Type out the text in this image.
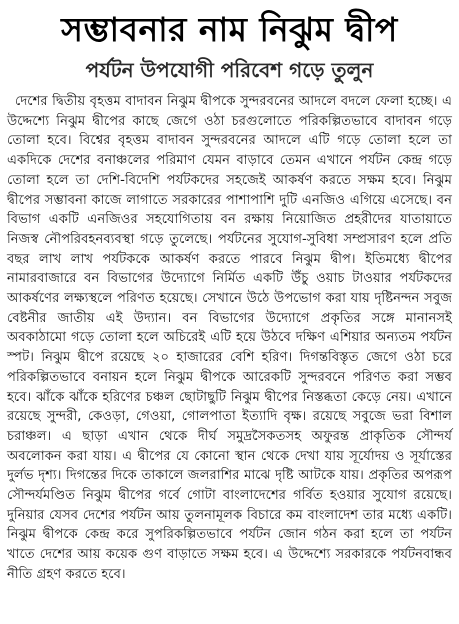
সম্ভাবনার নাম নিঝুম দ্বীপ
পর্যটন উপযোগী পরিবেশ গড়ে তুলুন

দেশের দ্বিতীয় বৃহত্তম বাদাবন নিঝুম দ্বীপকে সুন্দরবনের আদলে বদলে ফেলা হচ্ছে। এ উদ্দেশ্যে নিঝুম দ্বীপের কাছে জেগে ওঠা চরগুলোতে পরিকল্পিতভাবে বাদাবন গড়ে তোলা হবে। বিশ্বের বৃহত্তম বাদাবন সুন্দরবনের আদলে এটি গড়ে তোলা হলে তা একদিকে দেশের বনাঞ্চলের পরিমাণ যেমন বাড়াবে তেমন এখানে পর্যটন কেন্দ্র গড়ে তোলা হলে তা দেশি-বিদেশি পর্যটকদের সহজেই আকর্ষণ করতে সক্ষম হবে। নিঝুম দ্বীপের সম্ভাবনা কাজে লাগাতে সরকারের পাশাপাশি দুটি এনজিও এগিয়ে এসেছে। বন বিভাগ একটি এনজিওর সহযোগিতায় বন রক্ষায় নিয়োজিত প্রহরীদের যাতায়াতে নিজস্ব নৌপরিবহনব্যবস্থা গড়ে তুলেছে। পর্যটনের সুযোগ-সুবিধা সম্প্রসারণ হলে প্রতি বছর লাখ লাখ পর্যটককে আকর্ষণ করতে পারবে নিঝুম দ্বীপ। ইতিমধ্যে দ্বীপের নামারবাজারে বন বিভাগের উদ্যোগে নির্মিত একটি উঁচু ওয়াচ টাওয়ার পর্যটকদের আকর্ষণের লক্ষ্যস্থলে পরিণত হয়েছে। সেখানে উঠে উপভোগ করা যায় দৃষ্টিনন্দন সবুজ বেষ্টনীর জাতীয় এই উদ্যান। বন বিভাগের উদ্যোগে প্রকৃতির সঙ্গে মানানসই অবকাঠামো গড়ে তোলা হলে অচিরেই এটি হয়ে উঠবে দক্ষিণ এশিয়ার অন্যতম পর্যটন স্পট। নিঝুম দ্বীপে রয়েছে ২০ হাজারের বেশি হরিণ। দিগন্তবিস্তৃত জেগে ওঠা চরে পরিকল্পিতভাবে বনায়ন হলে নিঝুম দ্বীপকে আরেকটি সুন্দরবনে পরিণত করা সম্ভব হবে। ঝাঁকে ঝাঁকে হরিণের চঞ্চল ছোটাছুটি নিঝুম দ্বীপের নিস্তব্ধতা কেড়ে নেয়। এখানে রয়েছে সুন্দরী, কেওড়া, গেওয়া, গোলপাতা ইত্যাদি বৃক্ষ। রয়েছে সবুজে ভরা বিশাল চরাঞ্চল। এ ছাড়া এখান থেকে দীর্ঘ সমুদ্রসৈকতসহ অফুরন্ত প্রাকৃতিক সৌন্দর্য অবলোকন করা যায়। এ দ্বীপের যে কোনো স্থান থেকে দেখা যায় সূর্যোদয় ও সূর্যাস্তের দুর্লভ দৃশ্য। দিগন্তের দিকে তাকালে জলরাশির মাঝে দৃষ্টি আটকে যায়। প্রকৃতির অপরূপ সৌন্দর্যমণ্ডিত নিঝুম দ্বীপের গর্বে গোটা বাংলাদেশের গর্বিত হওয়ার সুযোগ রয়েছে। দুনিয়ার যেসব দেশের পর্যটন আয় তুলনামূলক বিচারে কম বাংলাদেশ তার মধ্যে একটি। নিঝুম দ্বীপকে কেন্দ্র করে সুপরিকল্পিতভাবে পর্যটন জোন গঠন করা হলে তা পর্যটন খাতে দেশের আয় কয়েক গুণ বাড়াতে সক্ষম হবে। এ উদ্দেশ্যে সরকারকে পর্যটনবান্ধব নীতি গ্রহণ করতে হবে।
